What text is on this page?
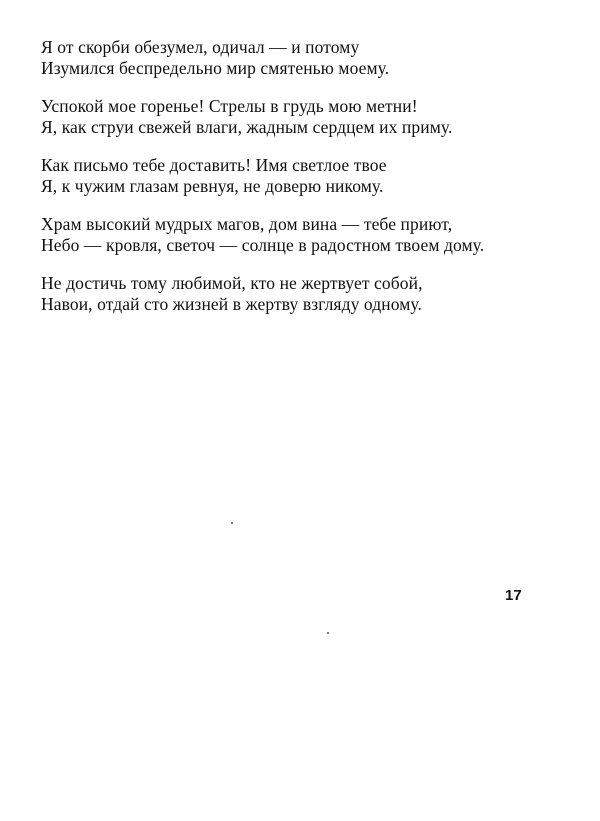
Я от скорби обезумел, одичал — и потому
Изумился беспредельно мир смятенью моему.
Успокой мое горенье! Стрелы в грудь мою метни!
Я, как струи свежей влаги, жадным сердцем их приму.
Как письмо тебе доставить! Имя светлое твое
Я, к чужим глазам ревнуя, не доверю никому.
Храм высокий мудрых магов, дом вина — тебе приют,
Небо — кровля, светоч — солнце в радостном твоем дому.
Не достичь тому любимой, кто не жертвует собой,
Навои, отдай сто жизней в жертву взгляду одному.
17
